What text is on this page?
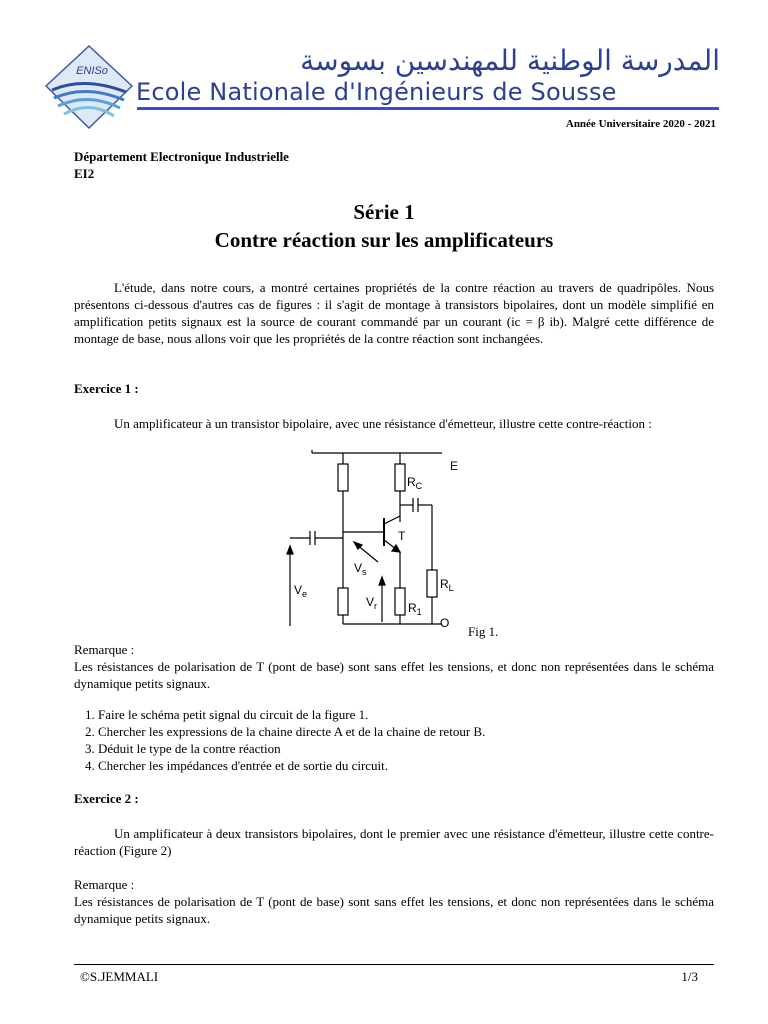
ENISo	المدرسة الوطنية للمهندسين بسوسة
Ecole Nationale d'Ingénieurs de Sousse
Année Universitaire 2020 - 2021
Département Electronique Industrielle
EI2
Série 1
Contre réaction sur les amplificateurs
L'étude, dans notre cours, a montré certaines propriétés de la contre réaction au travers de quadripôles. Nous présentons ci-dessous d'autres cas de figures : il s'agit de montage à transistors bipolaires, dont un modèle simplifié en amplification petits signaux est la source de courant commandé par un courant (ic = β ib). Malgré cette différence de montage de base, nous allons voir que les propriétés de la contre réaction sont inchangées.
Exercice 1 :
Un amplificateur à un transistor bipolaire, avec une résistance d'émetteur, illustre cette contre-réaction :
E
$R_C$
T
$V_s$
$V_e$
$V_r$	$R_1$
$R_L$
O
Fig 1.
Remarque :
Les résistances de polarisation de T (pont de base) sont sans effet les tensions, et donc non représentées dans le schéma dynamique petits signaux.
1. Faire le schéma petit signal du circuit de la figure 1.
2. Chercher les expressions de la chaine directe A et de la chaine de retour B.
3. Déduit le type de la contre réaction
4. Chercher les impédances d'entrée et de sortie du circuit.
Exercice 2 :
Un amplificateur à deux transistors bipolaires, dont le premier avec une résistance d'émetteur, illustre cette contre-réaction (Figure 2)
Remarque :
Les résistances de polarisation de T (pont de base) sont sans effet les tensions, et donc non représentées dans le schéma dynamique petits signaux.
©S.JEMMALI	1/3
